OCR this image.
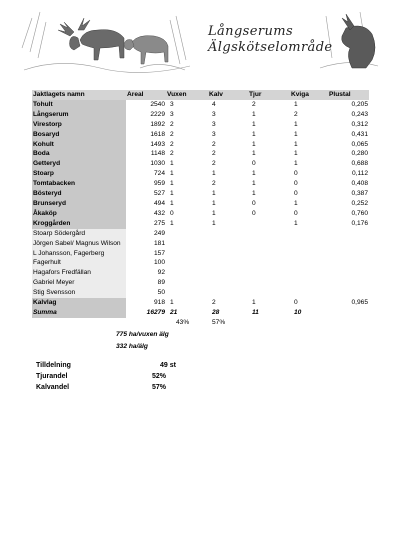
Långserums
Älgskötselområde
Jaktlagets namn	Areal	Vuxen	Kalv	Tjur	Kviga	Plustal
Tohult	2540	3	4	2	1	0,205
Långserum	2229	3	3	1	2	0,243
Virestorp	1892	2	3	1	1	0,312
Bosaryd	1618	2	3	1	1	0,431
Kohult	1493	2	2	1	1	0,065
Boda	1148	2	2	1	1	0,280
Getteryd	1030	1	2	0	1	0,688
Stoarp	724	1	1	1	0	0,112
Tomtabacken	959	1	2	1	0	0,408
Bösteryd	527	1	1	1	0	0,387
Brunseryd	494	1	1	0	1	0,252
Åkaköp	432	0	1	0	0	0,760
Kroggården	275	1	1		1	0,176
Stoarp Södergård	249					
Jörgen Sabel/ Magnus Wilson	181					
L Johansson, Fagerberg	157					
Fagerhult	100					
Hagafors Fredfällan	92					
Gabriel Meyer	89					
Stig Svensson	50					
Kalvlag	918	1	2	1	0	0,965
Summa	16279	21	28	11	10	
43%	57%
775 ha/vuxen älg
332 ha/älg
Tilldelning	49 st
Tjurandel	52%
Kalvandel	57%
